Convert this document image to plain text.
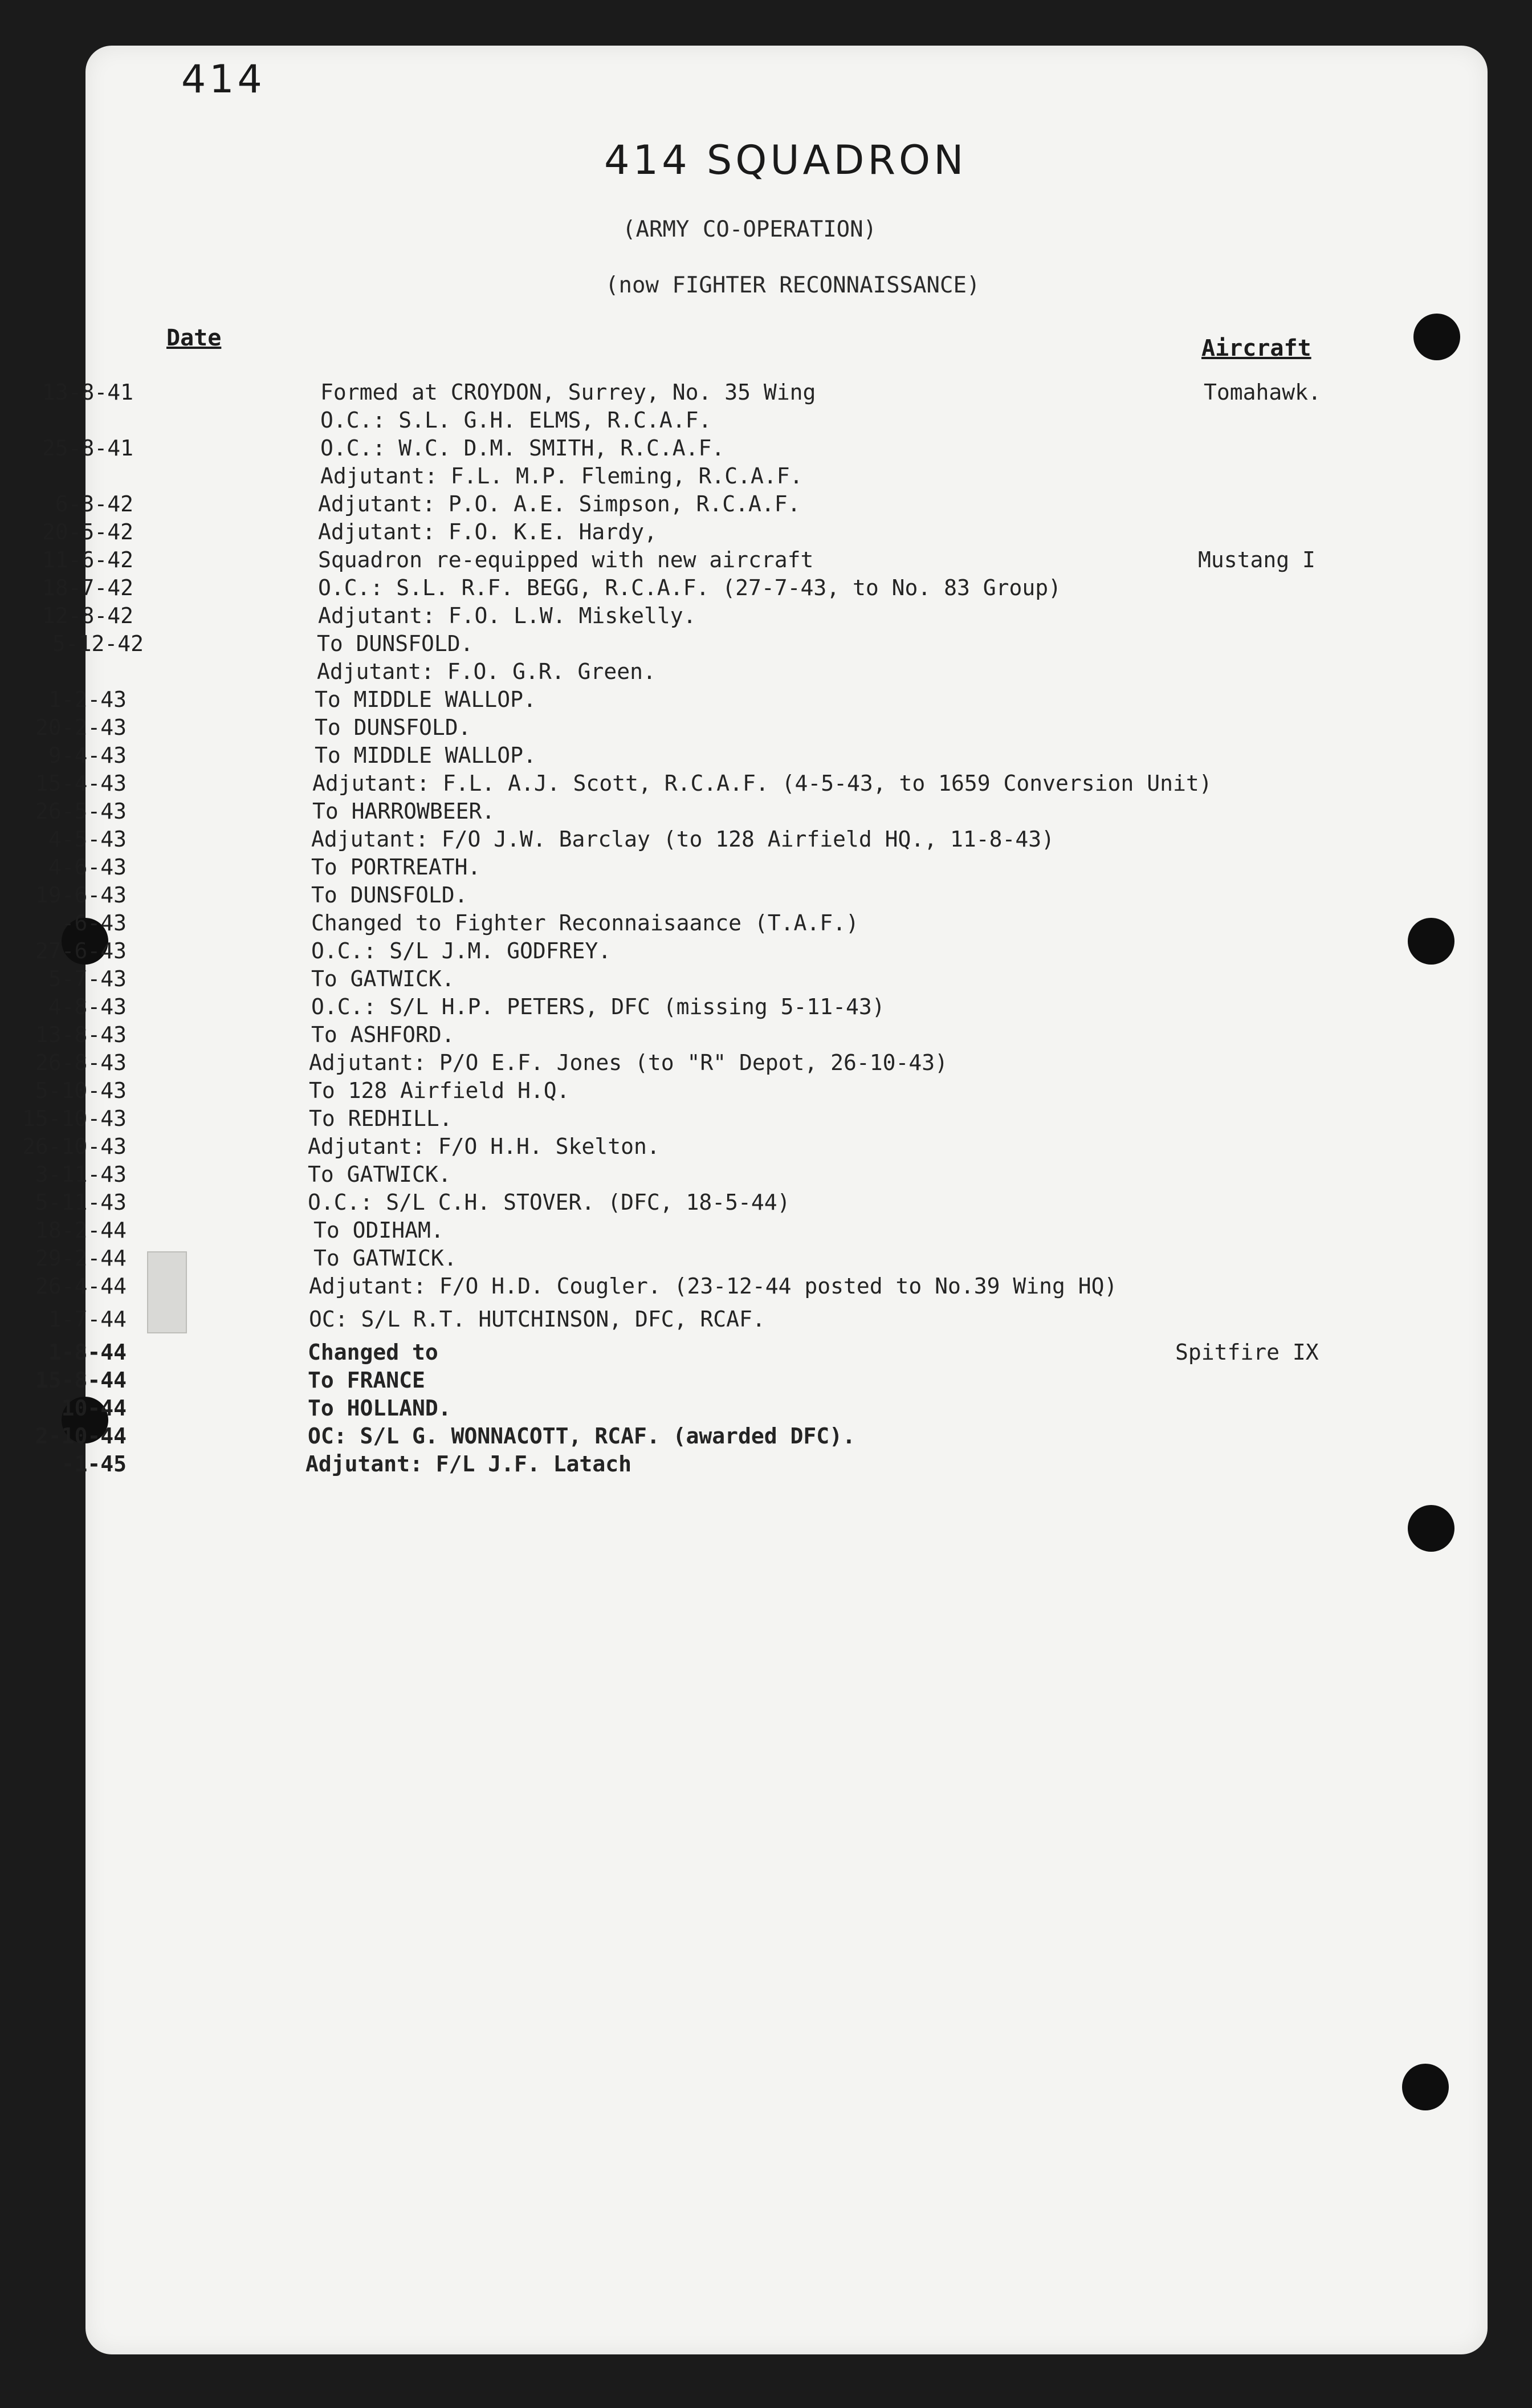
414
414 SQUADRON
(ARMY CO-OPERATION)
(now FIGHTER RECONNAISSANCE)
Date	Aircraft
13-8-41	Formed at CROYDON, Surrey, No. 35 Wing	Tomahawk.
O.C.: S.L. G.H. ELMS, R.C.A.F.
25-8-41	O.C.: W.C. D.M. SMITH, R.C.A.F.
Adjutant: F.L. M.P. Fleming, R.C.A.F.
6-3-42	Adjutant: P.O. A.E. Simpson, R.C.A.F.
20-5-42	Adjutant: F.O. K.E. Hardy,
11-6-42	Squadron re-equipped with new aircraft	Mustang I
18-7-42	O.C.: S.L. R.F. BEGG, R.C.A.F. (27-7-43, to No. 83 Group)
12-8-42	Adjutant: F.O. L.W. Miskelly.
5-12-42	To DUNSFOLD.
Adjutant: F.O. G.R. Green.
1-2-43	To MIDDLE WALLOP.
20-2-43	To DUNSFOLD.
9-4-43	To MIDDLE WALLOP.
15-4-43	Adjutant: F.L. A.J. Scott, R.C.A.F. (4-5-43, to 1659 Conversion Unit)
26-5-43	To HARROWBEER.
4-5-43	Adjutant: F/O J.W. Barclay (to 128 Airfield HQ., 11-8-43)
4-6-43	To PORTREATH.
19-6-43	To DUNSFOLD.
-6-43	Changed to Fighter Reconnaisaance (T.A.F.)
27-6-43	O.C.: S/L J.M. GODFREY.
5-7-43	To GATWICK.
4-8-43	O.C.: S/L H.P. PETERS, DFC (missing 5-11-43)
13-8-43	To ASHFORD.
26-8-43	Adjutant: P/O E.F. Jones (to "R" Depot, 26-10-43)
5-10-43	To 128 Airfield H.Q.
15-10-43	To REDHILL.
26-10-43	Adjutant: F/O H.H. Skelton.
3-11-43	To GATWICK.
5-11-43	O.C.: S/L C.H. STOVER. (DFC, 18-5-44)
18-2-44	To ODIHAM.
29-2-44	To GATWICK.
26-4-44	Adjutant: F/O H.D. Cougler. (23-12-44 posted to No.39 Wing HQ)
1-7-44	OC: S/L R.T. HUTCHINSON, DFC, RCAF.
1-8-44	Changed to	Spitfire IX
15-8-44	To FRANCE
10-44	To HOLLAND.
2-10-44	OC: S/L G. WONNACOTT, RCAF. (awarded DFC).
-1-45	Adjutant: F/L J.F. Latach
